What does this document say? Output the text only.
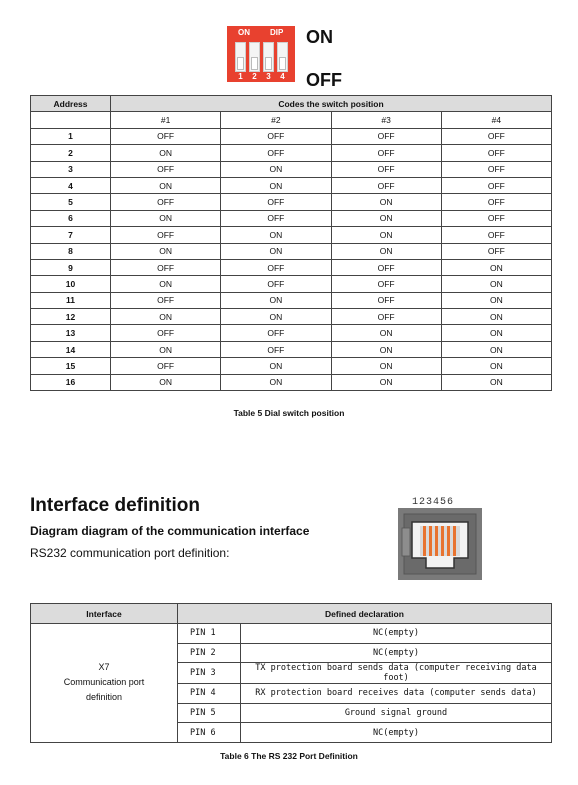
ON	DIP
1	2	3	4
ON
OFF
Address	Codes the switch position			
	#1	#2	#3	#4
1	OFF	OFF	OFF	OFF
2	ON	OFF	OFF	OFF
3	OFF	ON	OFF	OFF
4	ON	ON	OFF	OFF
5	OFF	OFF	ON	OFF
6	ON	OFF	ON	OFF
7	OFF	ON	ON	OFF
8	ON	ON	ON	OFF
9	OFF	OFF	OFF	ON
10	ON	OFF	OFF	ON
11	OFF	ON	OFF	ON
12	ON	ON	OFF	ON
13	OFF	OFF	ON	ON
14	ON	OFF	ON	ON
15	OFF	ON	ON	ON
16	ON	ON	ON	ON
Table 5 Dial switch position
Interface definition
Diagram diagram of the communication interface
RS232 communication port definition:
123456
Interface	Defined declaration	

X7
Communication port
definition	PIN 1	NC(empty)
	PIN 2	NC(empty)
	PIN 3	TX protection board sends data (computer receiving data foot)
	PIN 4	RX protection board receives data (computer sends data)
	PIN 5	Ground signal ground
	PIN 6	NC(empty)
Table 6 The RS 232 Port Definition
